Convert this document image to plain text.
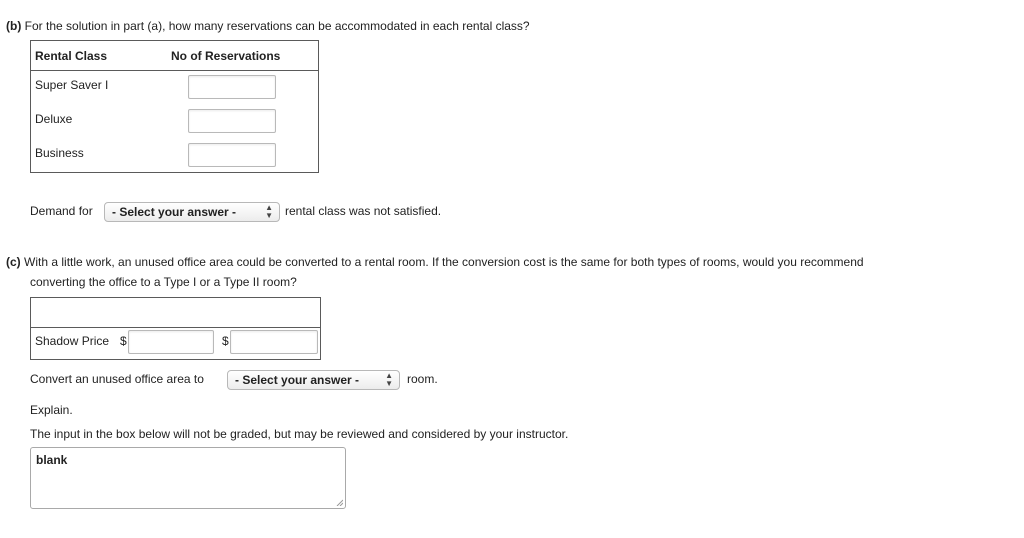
(b) For the solution in part (a), how many reservations can be accommodated in each rental class?
Rental Class	No of Reservations
Super Saver I
Deluxe
Business
Demand for	- Select your answer -	▲
▼ rental class was not satisfied.
(c) With a little work, an unused office area could be converted to a rental room. If the conversion cost is the same for both types of rooms, would you recommend
converting the office to a Type I or a Type II room?
Shadow Price $	$
Convert an unused office area to	- Select your answer -	▲
▼ room.
Explain.
The input in the box below will not be graded, but may be reviewed and considered by your instructor.
blank
